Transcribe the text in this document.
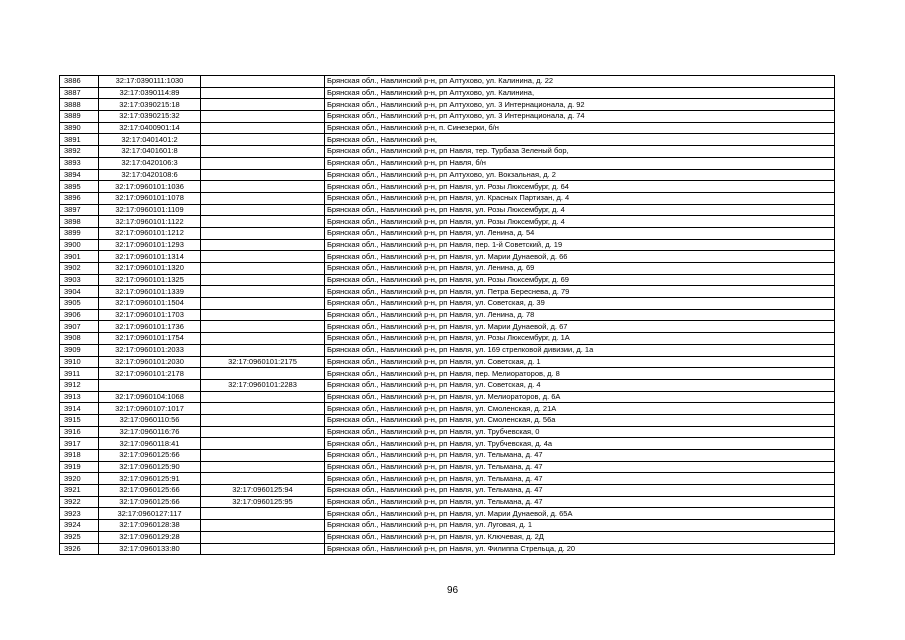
3886	32:17:0390111:1030		Брянская обл., Навлинский р-н, рп Алтухово, ул. Калинина, д. 22
3887	32:17:0390114:89		Брянская обл., Навлинский р-н, рп Алтухово, ул. Калинина,
3888	32:17:0390215:18		Брянская обл., Навлинский р-н, рп Алтухово, ул. 3 Интернационала, д. 92
3889	32:17:0390215:32		Брянская обл., Навлинский р-н, рп Алтухово, ул. 3 Интернационала, д. 74
3890	32:17:0400901:14		Брянская обл., Навлинский р-н, п. Синезерки, б/н
3891	32:17:0401401:2		Брянская обл., Навлинский р-н,
3892	32:17:0401601:8		Брянская обл., Навлинский р-н, рп Навля, тер. Турбаза Зеленый бор,
3893	32:17:0420106:3		Брянская обл., Навлинский р-н, рп Навля, б/н
3894	32:17:0420108:6		Брянская обл., Навлинский р-н, рп Алтухово, ул. Вокзальная, д. 2
3895	32:17:0960101:1036		Брянская обл., Навлинский р-н, рп Навля, ул. Розы Люксембург, д. 64
3896	32:17:0960101:1078		Брянская обл., Навлинский р-н, рп Навля, ул. Красных Партизан, д. 4
3897	32:17:0960101:1109		Брянская обл., Навлинский р-н, рп Навля, ул. Розы Люксембург, д. 4
3898	32:17:0960101:1122		Брянская обл., Навлинский р-н, рп Навля, ул. Розы Люксембург, д. 4
3899	32:17:0960101:1212		Брянская обл., Навлинский р-н, рп Навля, ул. Ленина, д. 54
3900	32:17:0960101:1293		Брянская обл., Навлинский р-н, рп Навля, пер. 1-й Советский, д. 19
3901	32:17:0960101:1314		Брянская обл., Навлинский р-н, рп Навля, ул. Марии Дунаевой, д. 66
3902	32:17:0960101:1320		Брянская обл., Навлинский р-н, рп Навля, ул. Ленина, д. 69
3903	32:17:0960101:1325		Брянская обл., Навлинский р-н, рп Навля, ул. Розы Люксембург, д. 69
3904	32:17:0960101:1339		Брянская обл., Навлинский р-н, рп Навля, ул. Петра Береснева, д. 79
3905	32:17:0960101:1504		Брянская обл., Навлинский р-н, рп Навля, ул. Советская, д. 39
3906	32:17:0960101:1703		Брянская обл., Навлинский р-н, рп Навля, ул. Ленина, д. 78
3907	32:17:0960101:1736		Брянская обл., Навлинский р-н, рп Навля, ул. Марии Дунаевой, д. 67
3908	32:17:0960101:1754		Брянская обл., Навлинский р-н, рп Навля, ул. Розы Люксембург, д. 1А
3909	32:17:0960101:2033		Брянская обл., Навлинский р-н, рп Навля, ул. 169 стрелковой дивизии, д. 1а
3910	32:17:0960101:2030	32:17:0960101:2175	Брянская обл., Навлинский р-н, рп Навля, ул. Советская, д. 1
3911	32:17:0960101:2178		Брянская обл., Навлинский р-н, рп Навля, пер. Мелиораторов, д. 8
3912		32:17:0960101:2283	Брянская обл., Навлинский р-н, рп Навля, ул. Советская, д. 4
3913	32:17:0960104:1068		Брянская обл., Навлинский р-н, рп Навля, ул. Мелиораторов, д. 6А
3914	32:17:0960107:1017		Брянская обл., Навлинский р-н, рп Навля, ул. Смоленская, д. 21А
3915	32:17:0960110:56		Брянская обл., Навлинский р-н, рп Навля, ул. Смоленская, д. 56а
3916	32:17:0960116:76		Брянская обл., Навлинский р-н, рп Навля, ул. Трубчевская, 0
3917	32:17:0960118:41		Брянская обл., Навлинский р-н, рп Навля, ул. Трубчевская, д. 4а
3918	32:17:0960125:66		Брянская обл., Навлинский р-н, рп Навля, ул. Тельмана, д. 47
3919	32:17:0960125:90		Брянская обл., Навлинский р-н, рп Навля, ул. Тельмана, д. 47
3920	32:17:0960125:91		Брянская обл., Навлинский р-н, рп Навля, ул. Тельмана, д. 47
3921	32:17:0960125:66	32:17:0960125:94	Брянская обл., Навлинский р-н, рп Навля, ул. Тельмана, д. 47
3922	32:17:0960125:66	32:17:0960125:95	Брянская обл., Навлинский р-н, рп Навля, ул. Тельмана, д. 47
3923	32:17:0960127:117		Брянская обл., Навлинский р-н, рп Навля, ул. Марии Дунаевой, д. 65А
3924	32:17:0960128:38		Брянская обл., Навлинский р-н, рп Навля, ул. Луговая, д. 1
3925	32:17:0960129:28		Брянская обл., Навлинский р-н, рп Навля, ул. Ключевая, д. 2Д
3926	32:17:0960133:80		Брянская обл., Навлинский р-н, рп Навля, ул. Филиппа Стрельца, д. 20
96
